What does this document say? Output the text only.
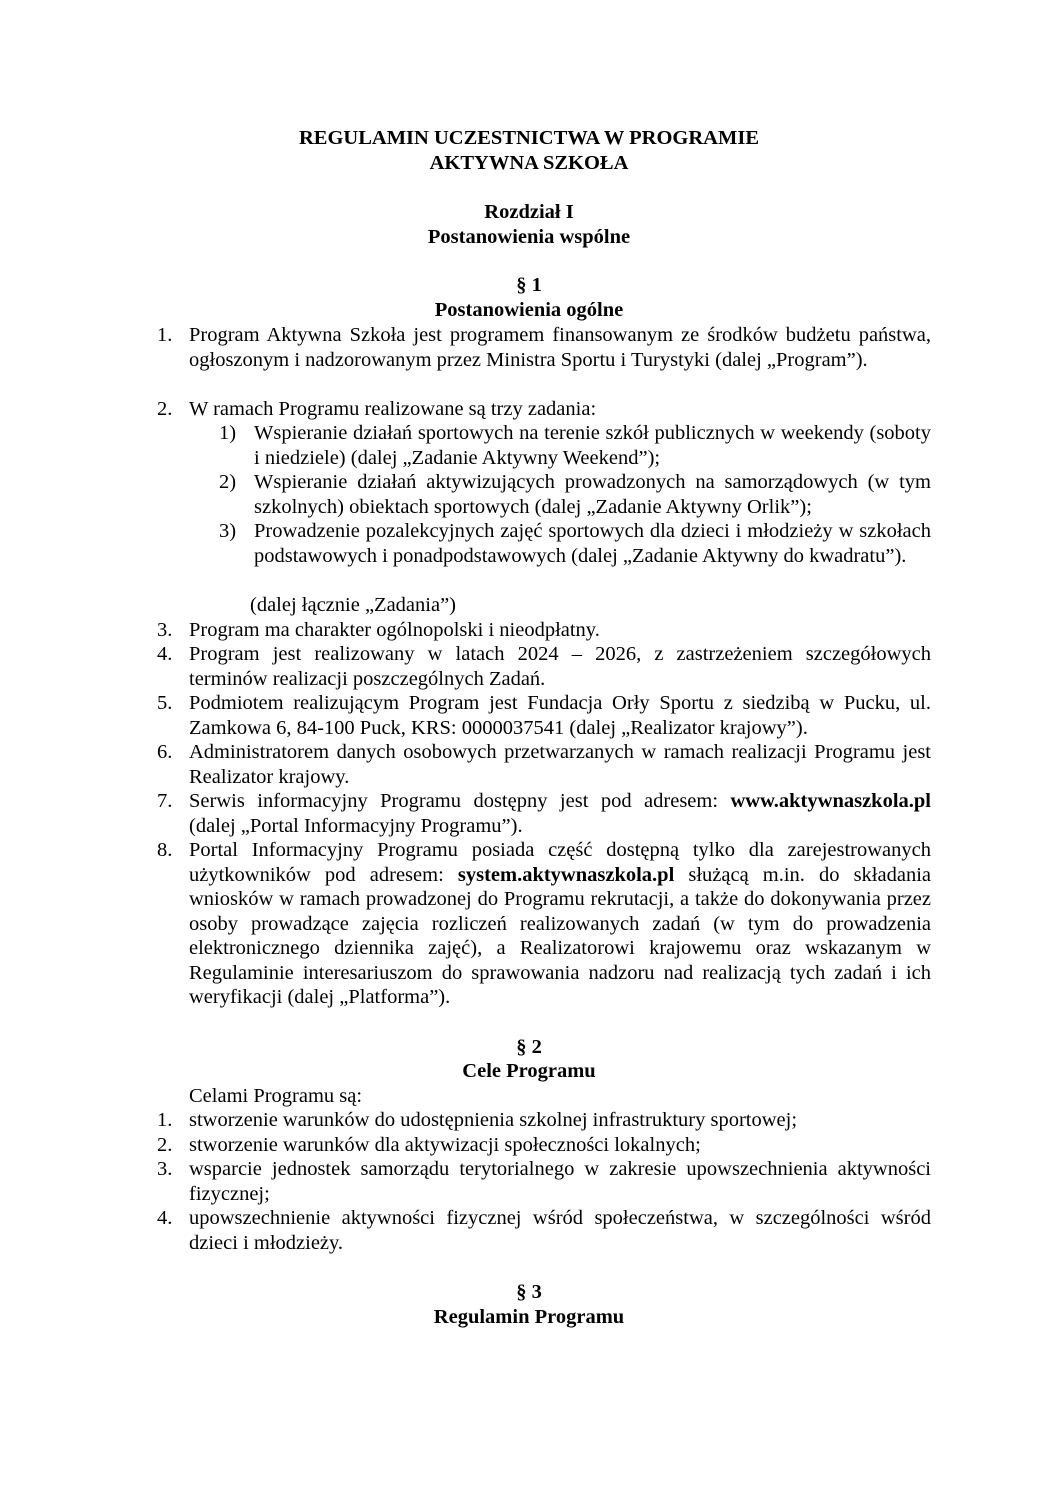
REGULAMIN UCZESTNICTWA W PROGRAMIE
AKTYWNA SZKOŁA
Rozdział I
Postanowienia wspólne
§ 1
Postanowienia ogólne
1. Program Aktywna Szkoła jest programem finansowanym ze środków budżetu państwa, ogłoszonym i nadzorowanym przez Ministra Sportu i Turystyki (dalej „Program”).
2. W ramach Programu realizowane są trzy zadania:
1) Wspieranie działań sportowych na terenie szkół publicznych w weekendy (soboty i niedziele) (dalej „Zadanie Aktywny Weekend”);
2) Wspieranie działań aktywizujących prowadzonych na samorządowych (w tym szkolnych) obiektach sportowych (dalej „Zadanie Aktywny Orlik”);
3) Prowadzenie pozalekcyjnych zajęć sportowych dla dzieci i młodzieży w szkołach podstawowych i ponadpodstawowych (dalej „Zadanie Aktywny do kwadratu”).
(dalej łącznie „Zadania”)
3. Program ma charakter ogólnopolski i nieodpłatny.
4. Program jest realizowany w latach 2024 – 2026, z zastrzeżeniem szczegółowych terminów realizacji poszczególnych Zadań.
5. Podmiotem realizującym Program jest Fundacja Orły Sportu z siedzibą w Pucku, ul. Zamkowa 6, 84-100 Puck, KRS: 0000037541 (dalej „Realizator krajowy”).
6. Administratorem danych osobowych przetwarzanych w ramach realizacji Programu jest Realizator krajowy.
7. Serwis informacyjny Programu dostępny jest pod adresem: www.aktywnaszkola.pl (dalej „Portal Informacyjny Programu”).
8. Portal Informacyjny Programu posiada część dostępną tylko dla zarejestrowanych użytkowników pod adresem: system.aktywnaszkola.pl służącą m.in. do składania wniosków w ramach prowadzonej do Programu rekrutacji, a także do dokonywania przez osoby prowadzące zajęcia rozliczeń realizowanych zadań (w tym do prowadzenia elektronicznego dziennika zajęć), a Realizatorowi krajowemu oraz wskazanym w Regulaminie interesariuszom do sprawowania nadzoru nad realizacją tych zadań i ich weryfikacji (dalej „Platforma”).
§ 2
Cele Programu
Celami Programu są:
1. stworzenie warunków do udostępnienia szkolnej infrastruktury sportowej;
2. stworzenie warunków dla aktywizacji społeczności lokalnych;
3. wsparcie jednostek samorządu terytorialnego w zakresie upowszechnienia aktywności fizycznej;
4. upowszechnienie aktywności fizycznej wśród społeczeństwa, w szczególności wśród dzieci i młodzieży.
§ 3
Regulamin Programu
